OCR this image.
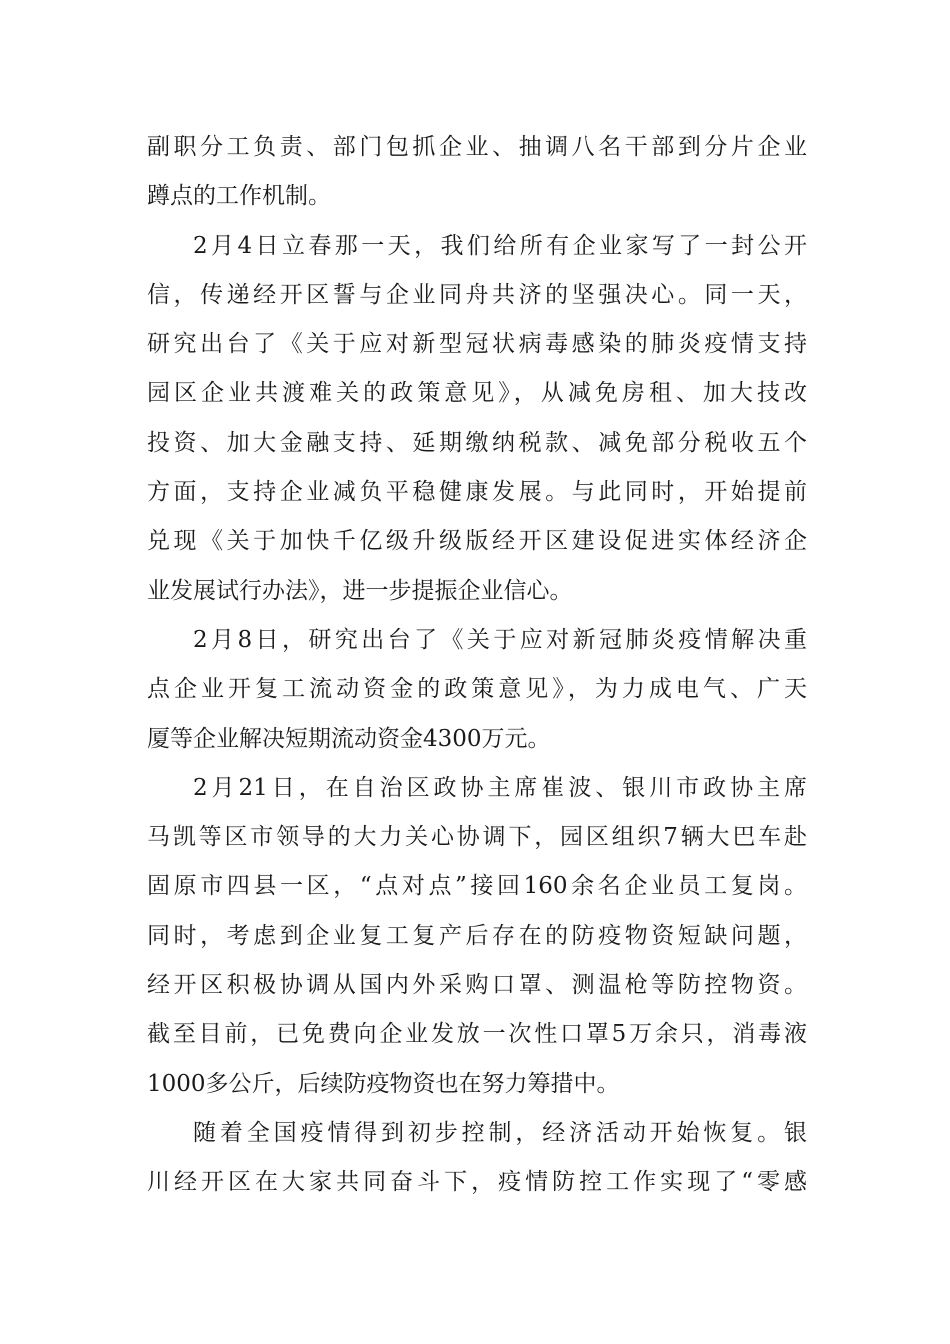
副职分工负责、部门包抓企业、抽调八名干部到分片企业
蹲点的工作机制。
2月4日立春那一天，我们给所有企业家写了一封公开
信，传递经开区誓与企业同舟共济的坚强决心。同一天，
研究出台了《关于应对新型冠状病毒感染的肺炎疫情支持
园区企业共渡难关的政策意见》，从减免房租、加大技改
投资、加大金融支持、延期缴纳税款、减免部分税收五个
方面，支持企业减负平稳健康发展。与此同时，开始提前
兑现《关于加快千亿级升级版经开区建设促进实体经济企
业发展试行办法》，进一步提振企业信心。
2月8日，研究出台了《关于应对新冠肺炎疫情解决重
点企业开复工流动资金的政策意见》，为力成电气、广天
厦等企业解决短期流动资金4300万元。
2月21日，在自治区政协主席崔波、银川市政协主席
马凯等区市领导的大力关心协调下，园区组织7辆大巴车赴
固原市四县一区，“点对点”接回160余名企业员工复岗。
同时，考虑到企业复工复产后存在的防疫物资短缺问题，
经开区积极协调从国内外采购口罩、测温枪等防控物资。
截至目前，已免费向企业发放一次性口罩5万余只，消毒液
1000多公斤，后续防疫物资也在努力筹措中。
随着全国疫情得到初步控制，经济活动开始恢复。银
川经开区在大家共同奋斗下，疫情防控工作实现了“零感
